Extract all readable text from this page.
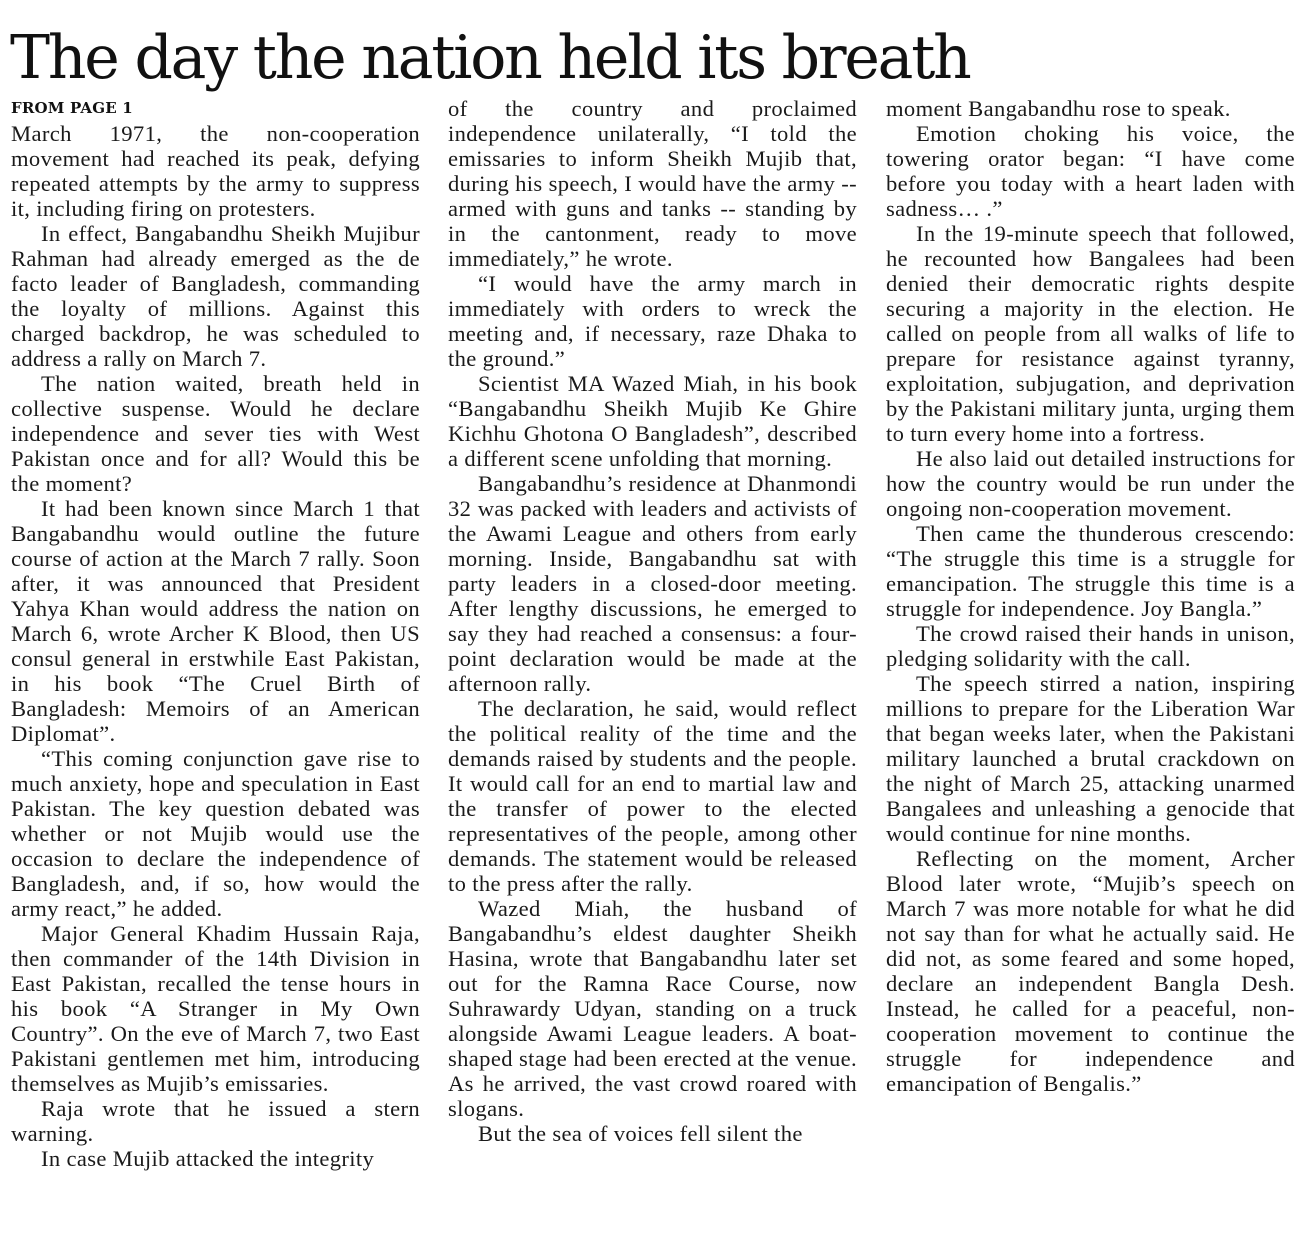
The day the nation held its breath
FROM PAGE 1

March 1971, the non-cooperation movement had reached its peak, defying repeated attempts by the army to suppress it, including firing on protesters.

In effect, Bangabandhu Sheikh Mujibur Rahman had already emerged as the de facto leader of Bangladesh, commanding the loyalty of millions. Against this charged backdrop, he was scheduled to address a rally on March 7.

The nation waited, breath held in collective suspense. Would he declare independence and sever ties with West Pakistan once and for all? Would this be the moment?

It had been known since March 1 that Bangabandhu would outline the future course of action at the March 7 rally. Soon after, it was announced that President Yahya Khan would address the nation on March 6, wrote Archer K Blood, then US consul general in erstwhile East Pakistan, in his book “The Cruel Birth of Bangladesh: Memoirs of an American Diplomat”.

“This coming conjunction gave rise to much anxiety, hope and speculation in East Pakistan. The key question debated was whether or not Mujib would use the occasion to declare the independence of Bangladesh, and, if so, how would the army react,” he added.

Major General Khadim Hussain Raja, then commander of the 14th Division in East Pakistan, recalled the tense hours in his book “A Stranger in My Own Country”. On the eve of March 7, two East Pakistani gentlemen met him, introducing themselves as Mujib’s emissaries.

Raja wrote that he issued a stern warning.

In case Mujib attacked the integrity

of the country and proclaimed independence unilaterally, “I told the emissaries to inform Sheikh Mujib that, during his speech, I would have the army -- armed with guns and tanks -- standing by in the cantonment, ready to move immediately,” he wrote.

“I would have the army march in immediately with orders to wreck the meeting and, if necessary, raze Dhaka to the ground.”

Scientist MA Wazed Miah, in his book “Bangabandhu Sheikh Mujib Ke Ghire Kichhu Ghotona O Bangladesh”, described a different scene unfolding that morning.

Bangabandhu’s residence at Dhanmondi 32 was packed with leaders and activists of the Awami League and others from early morning. Inside, Bangabandhu sat with party leaders in a closed-door meeting. After lengthy discussions, he emerged to say they had reached a consensus: a four-point declaration would be made at the afternoon rally.

The declaration, he said, would reflect the political reality of the time and the demands raised by students and the people. It would call for an end to martial law and the transfer of power to the elected representatives of the people, among other demands. The statement would be released to the press after the rally.

Wazed Miah, the husband of Bangabandhu’s eldest daughter Sheikh Hasina, wrote that Bangabandhu later set out for the Ramna Race Course, now Suhrawardy Udyan, standing on a truck alongside Awami League leaders. A boat-shaped stage had been erected at the venue. As he arrived, the vast crowd roared with slogans.

But the sea of voices fell silent the

moment Bangabandhu rose to speak.

Emotion choking his voice, the towering orator began: “I have come before you today with a heart laden with sadness… .”

In the 19-minute speech that followed, he recounted how Bangalees had been denied their democratic rights despite securing a majority in the election. He called on people from all walks of life to prepare for resistance against tyranny, exploitation, subjugation, and deprivation by the Pakistani military junta, urging them to turn every home into a fortress.

He also laid out detailed instructions for how the country would be run under the ongoing non-cooperation movement.

Then came the thunderous crescendo: “The struggle this time is a struggle for emancipation. The struggle this time is a struggle for independence. Joy Bangla.”

The crowd raised their hands in unison, pledging solidarity with the call.

The speech stirred a nation, inspiring millions to prepare for the Liberation War that began weeks later, when the Pakistani military launched a brutal crackdown on the night of March 25, attacking unarmed Bangalees and unleashing a genocide that would continue for nine months.

Reflecting on the moment, Archer Blood later wrote, “Mujib’s speech on March 7 was more notable for what he did not say than for what he actually said. He did not, as some feared and some hoped, declare an independent Bangla Desh. Instead, he called for a peaceful, non-cooperation movement to continue the struggle for independence and emancipation of Bengalis.”
